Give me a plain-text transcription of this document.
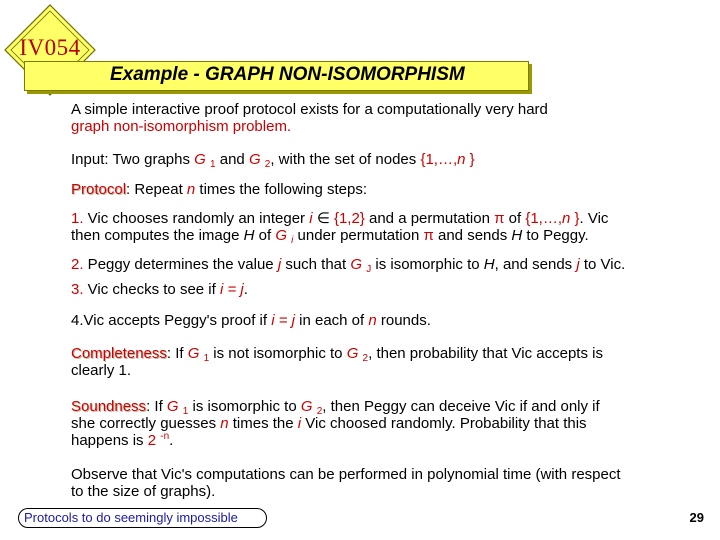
IV054
Example - GRAPH NON-ISOMORPHISM

A simple interactive proof protocol exists for a computationally very hard
graph non-isomorphism problem.

Input: Two graphs G $_1$ and G $_2$, with the set of nodes {1,…,n }

Protocol: Repeat n times the following steps:

1. Vic chooses randomly an integer i ∈ {1,2} and a permutation π of {1,…,n }. Vic
then computes the image H of G $_i$ under permutation π and sends H to Peggy.

2. Peggy determines the value j such that G $_J$ is isomorphic to H, and sends j to Vic.

3. Vic checks to see if i = j.

4.Vic accepts Peggy's proof if i = j in each of n rounds.

Completeness: If G $_1$ is not isomorphic to G $_2$, then probability that Vic accepts is
clearly 1.

Soundness: If G $_1$ is isomorphic to G $_2$, then Peggy can deceive Vic if and only if
she correctly guesses n times the i Vic choosed randomly. Probability that this
happens is 2 $^{-n}$.

Observe that Vic's computations can be performed in polynomial time (with respect
to the size of graphs).

Protocols to do seemingly impossible	29
